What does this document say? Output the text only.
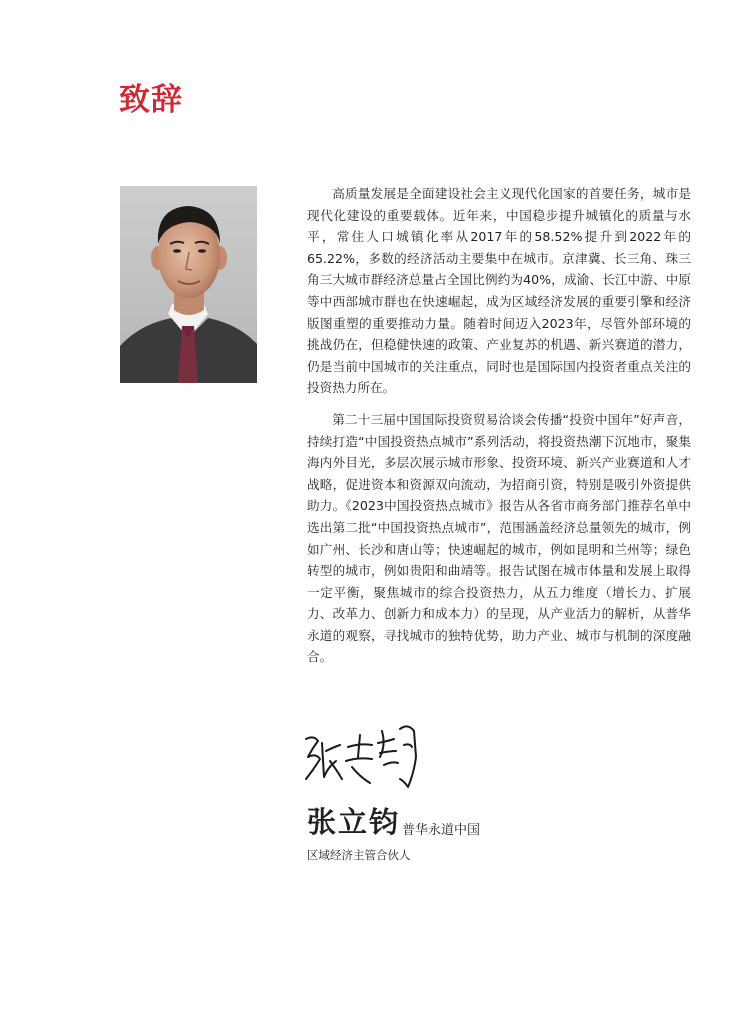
致辞

高质量发展是全面建设社会主义现代化国家的首要任务，城市是现代化建设的重要载体。近年来，中国稳步提升城镇化的质量与水平，常住人口城镇化率从2017年的58.52%提升到2022年的65.22%，多数的经济活动主要集中在城市。京津冀、长三角、珠三角三大城市群经济总量占全国比例约为40%，成渝、长江中游、中原等中西部城市群也在快速崛起，成为区域经济发展的重要引擎和经济版图重塑的重要推动力量。随着时间迈入2023年，尽管外部环境的挑战仍在，但稳健快速的政策、产业复苏的机遇、新兴赛道的潜力，仍是当前中国城市的关注重点，同时也是国际国内投资者重点关注的投资热力所在。

第二十三届中国国际投资贸易洽谈会传播“投资中国年”好声音，持续打造“中国投资热点城市”系列活动，将投资热潮下沉地市，聚集海内外目光，多层次展示城市形象、投资环境、新兴产业赛道和人才战略，促进资本和资源双向流动，为招商引资，特别是吸引外资提供助力。《2023中国投资热点城市》报告从各省市商务部门推荐名单中选出第二批“中国投资热点城市”，范围涵盖经济总量领先的城市，例如广州、长沙和唐山等；快速崛起的城市，例如昆明和兰州等；绿色转型的城市，例如贵阳和曲靖等。报告试图在城市体量和发展上取得一定平衡，聚焦城市的综合投资热力，从五力维度（增长力、扩展力、改革力、创新力和成本力）的呈现，从产业活力的解析，从普华永道的观察，寻找城市的独特优势，助力产业、城市与机制的深度融合。

张立钧 普华永道中国
区域经济主管合伙人
